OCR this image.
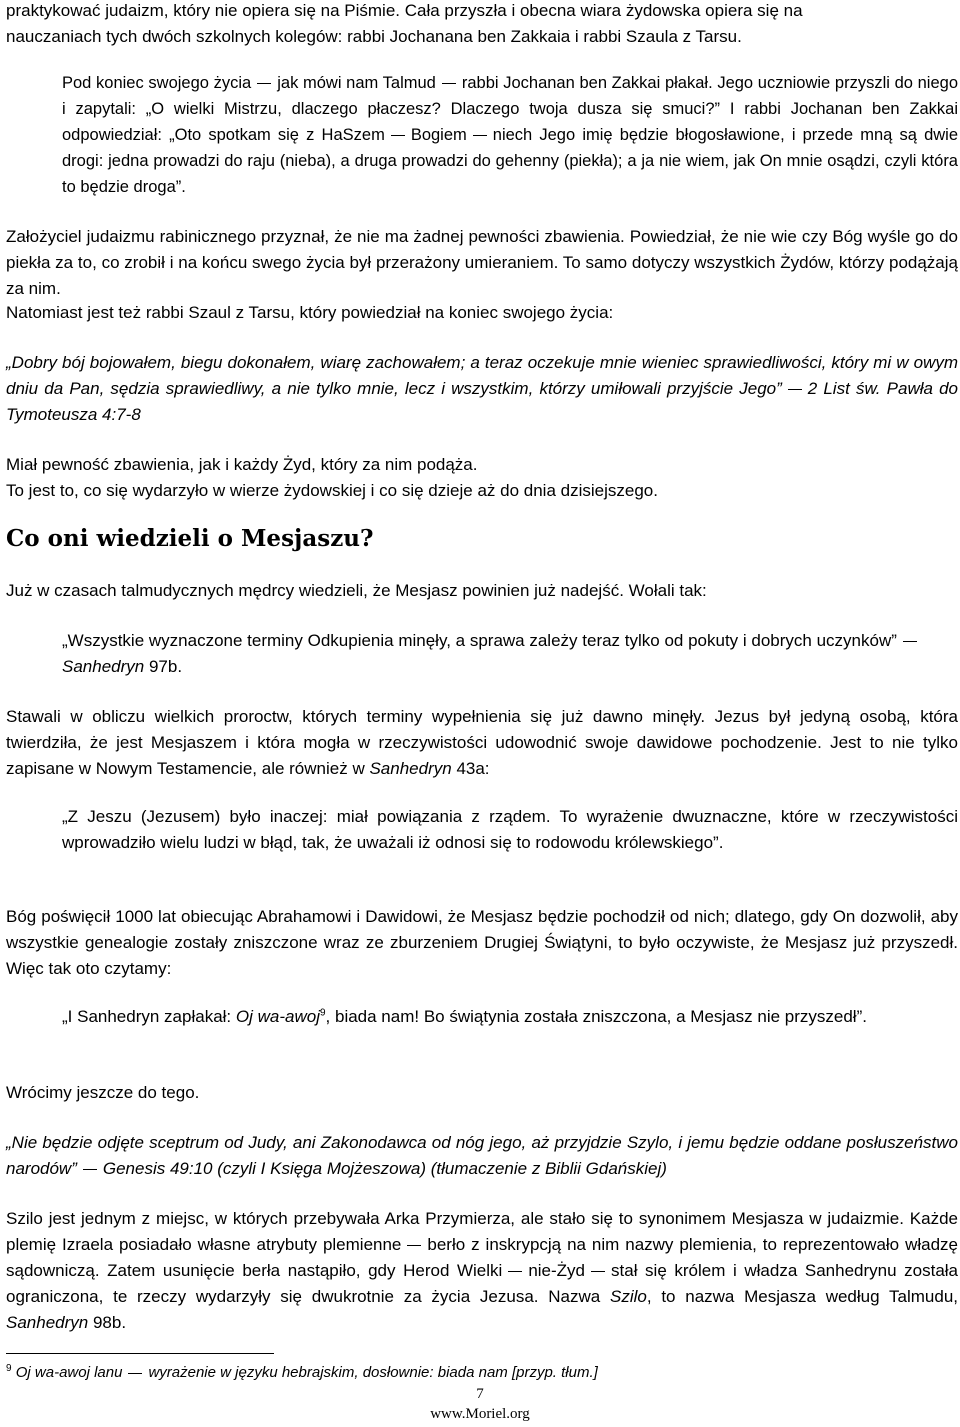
praktykować judaizm, który nie opiera się na Piśmie. Cała przyszła i obecna wiara żydowska opiera się na
nauczaniach tych dwóch szkolnych kolegów: rabbi Jochanana ben Zakkaia i rabbi Szaula z Tarsu.

Pod koniec swojego życia jak mówi nam Talmud rabbi Jochanan ben Zakkai płakał. Jego uczniowie przyszli do niego i zapytali: „O wielki Mistrzu, dlaczego płaczesz? Dlaczego twoja dusza się smuci?” I rabbi Jochanan ben Zakkai odpowiedział: „Oto spotkam się z HaSzem Bogiem niech Jego imię będzie błogosławione, i przede mną są dwie drogi: jedna prowadzi do raju (nieba), a druga prowadzi do gehenny (piekła); a ja nie wiem, jak On mnie osądzi, czyli która to będzie droga”.

Założyciel judaizmu rabinicznego przyznał, że nie ma żadnej pewności zbawienia. Powiedział, że nie wie czy Bóg wyśle go do piekła za to, co zrobił i na końcu swego życia był przerażony umieraniem. To samo dotyczy wszystkich Żydów, którzy podążają za nim.

Natomiast jest też rabbi Szaul z Tarsu, który powiedział na koniec swojego życia:

„Dobry bój bojowałem, biegu dokonałem, wiarę zachowałem; a teraz oczekuje mnie wieniec sprawiedliwości, który mi w owym dniu da Pan, sędzia sprawiedliwy, a nie tylko mnie, lecz i wszystkim, którzy umiłowali przyjście Jego” 2 List św. Pawła do Tymoteusza 4:7-8

Miał pewność zbawienia, jak i każdy Żyd, który za nim podąża.

To jest to, co się wydarzyło w wierze żydowskiej i co się dzieje aż do dnia dzisiejszego.

Co oni wiedzieli o Mesjaszu?

Już w czasach talmudycznych mędrcy wiedzieli, że Mesjasz powinien już nadejść. Wołali tak:

„Wszystkie wyznaczone terminy Odkupienia minęły, a sprawa zależy teraz tylko od pokuty i dobrych uczynków”Sanhedryn 97b.

Stawali w obliczu wielkich proroctw, których terminy wypełnienia się już dawno minęły. Jezus był jedyną osobą, która twierdziła, że jest Mesjaszem i która mogła w rzeczywistości udowodnić swoje dawidowe pochodzenie. Jest to nie tylko zapisane w Nowym Testamencie, ale również w Sanhedryn 43a:

„Z Jeszu (Jezusem) było inaczej: miał powiązania z rządem. To wyrażenie dwuznaczne, które w rzeczywistości wprowadziło wielu ludzi w błąd, tak, że uważali iż odnosi się to rodowodu królewskiego”.

Bóg poświęcił 1000 lat obiecując Abrahamowi i Dawidowi, że Mesjasz będzie pochodził od nich; dlatego, gdy On dozwolił, aby wszystkie genealogie zostały zniszczone wraz ze zburzeniem Drugiej Świątyni, to było oczywiste, że Mesjasz już przyszedł. Więc tak oto czytamy:

„I Sanhedryn zapłakał: Oj wa-awoj$^9$, biada nam! Bo świątynia została zniszczona, a Mesjasz nie przyszedł”.

Wrócimy jeszcze do tego.

„Nie będzie odjęte sceptrum od Judy, ani Zakonodawca od nóg jego, aż przyjdzie Szylo, i jemu będzie oddane posłuszeństwo narodów” Genesis 49:10 (czyli I Księga Mojżeszowa) (tłumaczenie z Biblii Gdańskiej)

Szilo jest jednym z miejsc, w których przebywała Arka Przymierza, ale stało się to synonimem Mesjasza w judaizmie. Każde plemię Izraela posiadało własne atrybuty plemienne berło z inskrypcją na nim nazwy plemienia, to reprezentowało władzę sądowniczą. Zatem usunięcie berła nastąpiło, gdy Herod Wielki nie-Żyd stał się królem i władza Sanhedrynu została ograniczona, te rzeczy wydarzyły się dwukrotnie za życia Jezusa. Nazwa Szilo, to nazwa Mesjasza według Talmudu, Sanhedryn 98b.

$^9$ Oj wa-awoj lanu wyrażenie w języku hebrajskim, dosłownie: biada nam [przyp. tłum.]
7
www.Moriel.org
